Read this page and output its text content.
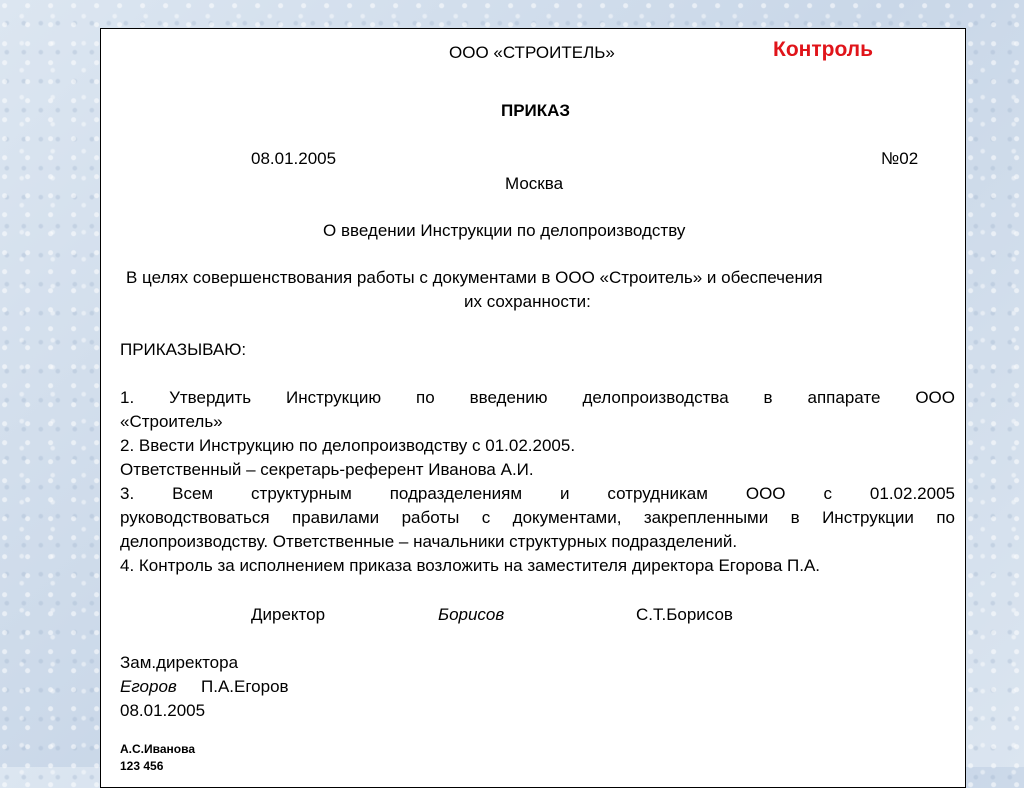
ООО «СТРОИТЕЛЬ»	Контроль

ПРИКАЗ

08.01.2005	№02

Москва

О введении Инструкции по делопроизводству

В целях совершенствования работы с документами в ООО «Строитель» и обеспечения

их сохранности:

ПРИКАЗЫВАЮ:

1. Утвердить Инструкцию по введению делопроизводства в аппарате ООО

«Строитель»

2. Ввести Инструкцию по делопроизводству с 01.02.2005.

Ответственный – секретарь-референт Иванова А.И.

3. Всем структурным подразделениям и сотрудникам ООО с 01.02.2005

руководствоваться правилами работы с документами, закрепленными в Инструкции по

делопроизводству. Ответственные – начальники структурных подразделений.

4. Контроль за исполнением приказа возложить на заместителя директора Егорова П.А.

Директор	Борисов	С.Т.Борисов

Зам.директора

Егоров П.А.Егоров

08.01.2005

А.С.Иванова

123 456
